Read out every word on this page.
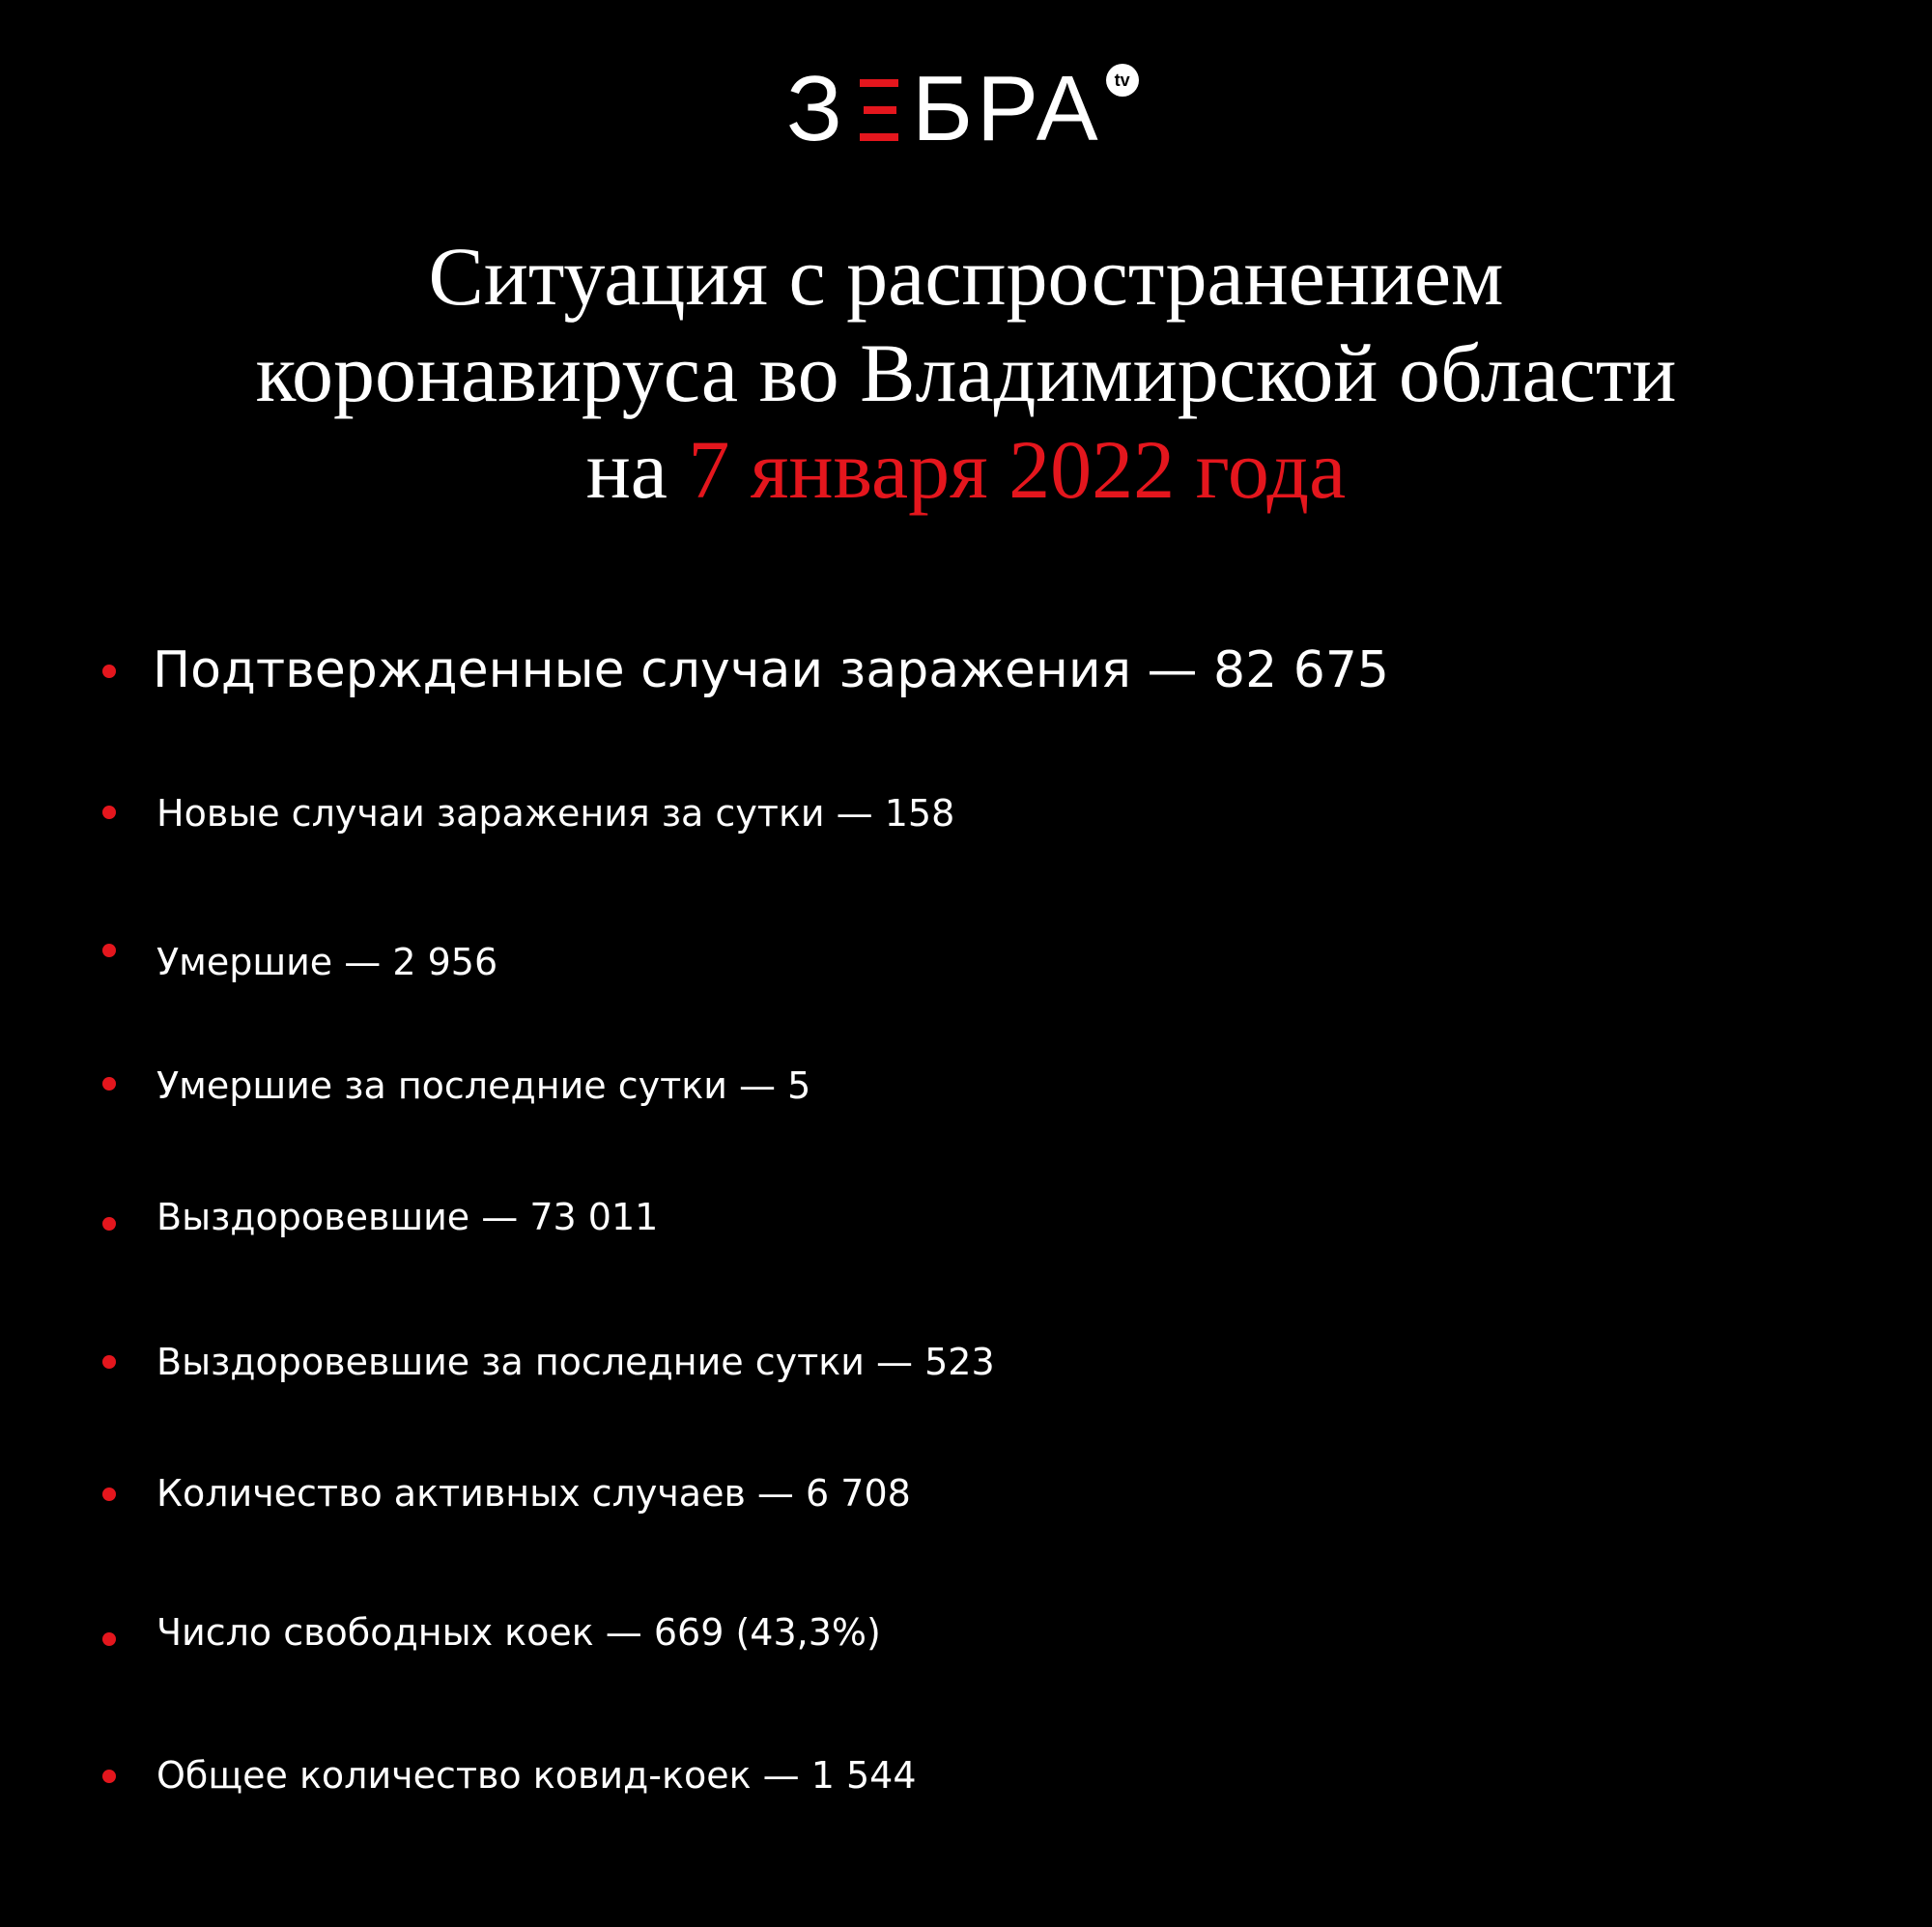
З БРА tv
Ситуация с распространением
коронавируса во Владимирской области
на 7 января 2022 года
Подтвержденные случаи заражения — 82 675
Новые случаи заражения за сутки — 158
Умершие — 2 956
Умершие за последние сутки — 5
Выздоровевшие — 73 011
Выздоровевшие за последние сутки — 523
Количество активных случаев — 6 708
Число свободных коек — 669 (43,3%)
Общее количество ковид-коек — 1 544
